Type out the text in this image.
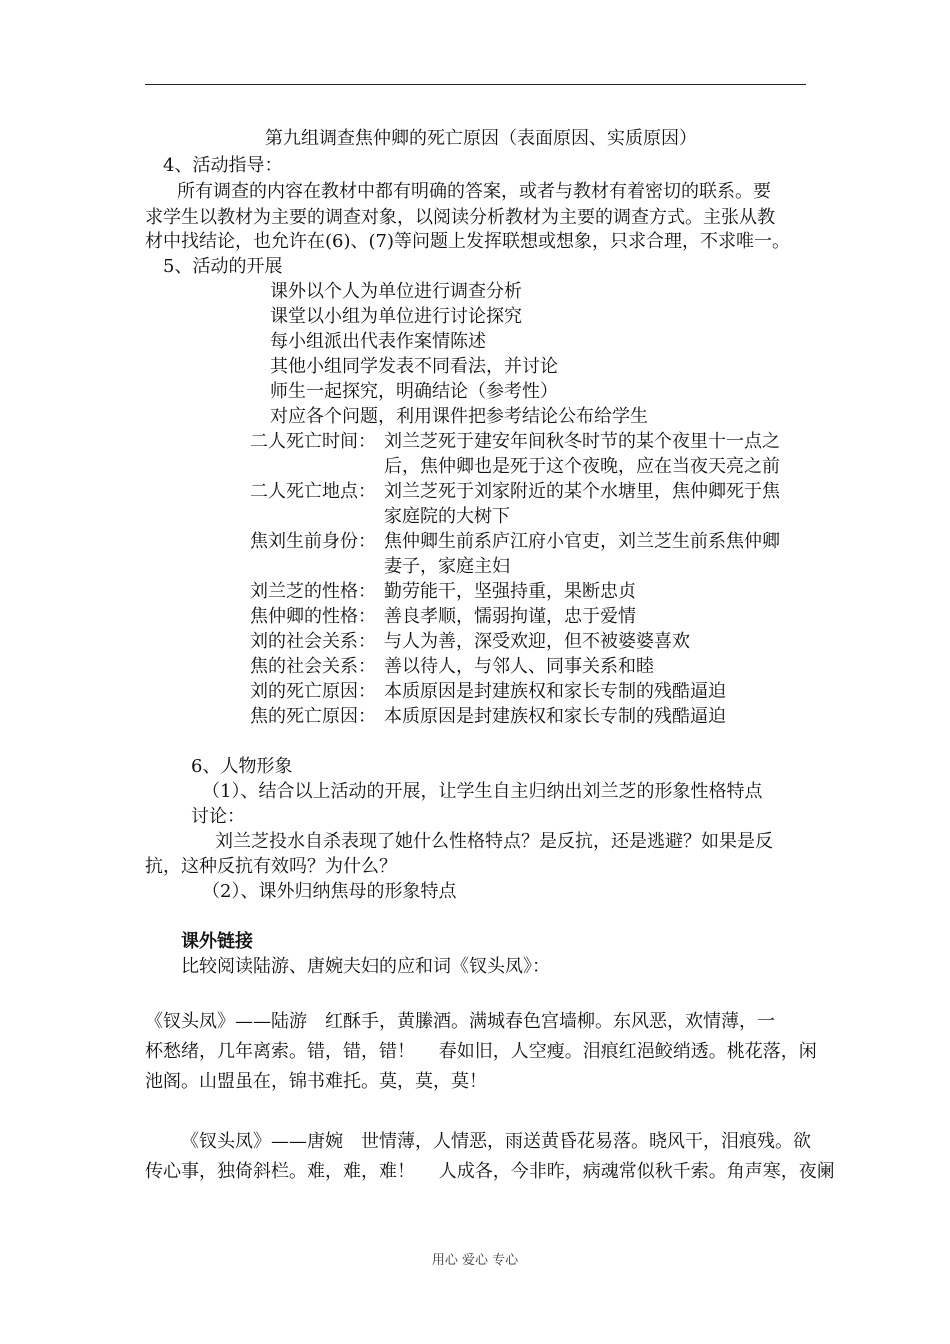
第九组调查焦仲卿的死亡原因（表面原因、实质原因）
4、活动指导：
所有调查的内容在教材中都有明确的答案，或者与教材有着密切的联系。要
求学生以教材为主要的调查对象，以阅读分析教材为主要的调查方式。主张从教
材中找结论，也允许在(6)、(7)等问题上发挥联想或想象，只求合理，不求唯一。
5、活动的开展
课外以个人为单位进行调查分析
课堂以小组为单位进行讨论探究
每小组派出代表作案情陈述
其他小组同学发表不同看法，并讨论
师生一起探究，明确结论（参考性）
对应各个问题，利用课件把参考结论公布给学生
二人死亡时间： 刘兰芝死于建安年间秋冬时节的某个夜里十一点之
后，焦仲卿也是死于这个夜晚，应在当夜天亮之前
二人死亡地点： 刘兰芝死于刘家附近的某个水塘里，焦仲卿死于焦
家庭院的大树下
焦刘生前身份： 焦仲卿生前系庐江府小官吏，刘兰芝生前系焦仲卿
妻子，家庭主妇
刘兰芝的性格： 勤劳能干，坚强持重，果断忠贞
焦仲卿的性格： 善良孝顺，懦弱拘谨，忠于爱情
刘的社会关系： 与人为善，深受欢迎，但不被婆婆喜欢
焦的社会关系： 善以待人，与邻人、同事关系和睦
刘的死亡原因： 本质原因是封建族权和家长专制的残酷逼迫
焦的死亡原因： 本质原因是封建族权和家长专制的残酷逼迫
6、人物形象
（1）、结合以上活动的开展，让学生自主归纳出刘兰芝的形象性格特点
讨论：
刘兰芝投水自杀表现了她什么性格特点？是反抗，还是逃避？如果是反
抗，这种反抗有效吗？为什么？
（2）、课外归纳焦母的形象特点
课外链接
比较阅读陆游、唐婉夫妇的应和词《钗头凤》：
《钗头凤》——陆游　红酥手，黄縢酒。满城春色宫墙柳。东风恶，欢情薄，一
杯愁绪，几年离索。错，错，错！　 春如旧，人空瘦。泪痕红浥鲛绡透。桃花落，闲
池阁。山盟虽在，锦书难托。莫，莫，莫！
《钗头凤》——唐婉　世情薄，人情恶，雨送黄昏花易落。晓风干，泪痕残。欲
传心事，独倚斜栏。难，难，难！　 人成各，今非昨，病魂常似秋千索。角声寒，夜阑
用心 爱心 专心
